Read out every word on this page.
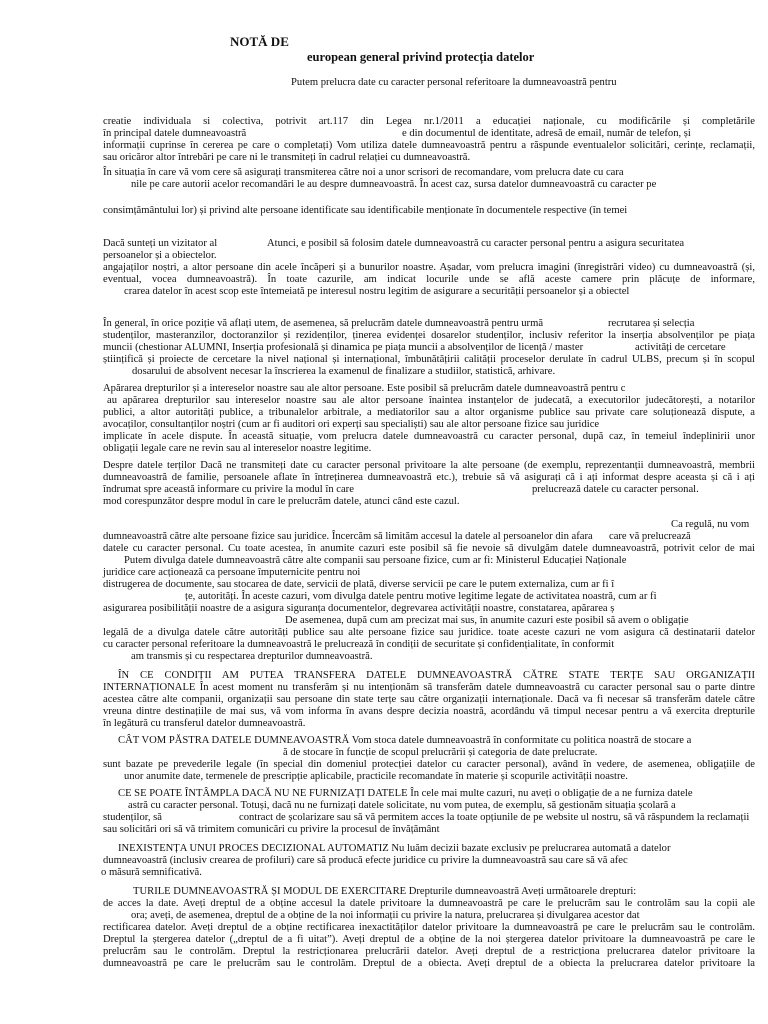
NOTĂ DE
european general privind protecția datelor
Putem prelucra date cu caracter personal referitoare la dumneavoastră pentru
creatie individuala si colectiva, potrivit art.117 din Legea nr.1/2011 a educației naționale, cu modificările și completările
în principal datele dumneavoastră	e din documentul de identitate, adresă de email, număr de telefon, și
informații cuprinse în cererea pe care o completați) Vom utiliza datele dumneavoastră pentru a răspunde eventualelor solicitări, cerințe, reclamații,
sau oricăror altor întrebări pe care ni le transmiteți în cadrul relației cu dumneavoastră.
În situația în care vă vom cere să asigurați transmiterea către noi a unor scrisori de recomandare, vom prelucra date cu cara
nile pe care autorii acelor recomandări le au despre dumneavoastră. În acest caz, sursa datelor dumneavoastră cu caracter pe
consimțământului lor) și privind alte persoane identificate sau identificabile menționate în documentele respective (în temei
Dacă sunteți un vizitator al	Atunci, e posibil să folosim datele dumneavoastră cu caracter personal pentru a asigura securitatea
persoanelor și a obiectelor.
angajaților noștri, a altor persoane din acele încăperi și a bunurilor noastre. Așadar, vom prelucra imagini (înregistrări video) cu dumneavoastră (și,
eventual, vocea dumneavoastră). În toate cazurile, am indicat locurile unde se află aceste camere prin plăcuțe de informare,
crarea datelor în acest scop este întemeiată pe interesul nostru legitim de asigurare a securității persoanelor și a obiectel
În general, în orice poziție vă aflați utem, de asemenea, să prelucrăm datele dumneavoastră pentru urmă	recrutarea și selecția
studenților, masteranzilor, doctoranzilor și rezidenților, ținerea evidenței dosarelor studenților, inclusiv referitor la inserția absolvenților pe piața
muncii (chestionar ALUMNI, Inserția profesională și dinamica pe piața muncii a absolvenților de licență / master	activități de cercetare
științifică și proiecte de cercetare la nivel național și internațional, îmbunătățirii calității proceselor derulate în cadrul ULBS, precum și în scopul
dosarului de absolvent necesar la înscrierea la examenul de finalizare a studiilor, statistică, arhivare.
Apărarea drepturilor și a intereselor noastre sau ale altor persoane. Este posibil să prelucrăm datele dumneavoastră pentru c
au apărarea drepturilor sau intereselor noastre sau ale altor persoane înaintea instanțelor de judecată, a executorilor judecătorești, a notarilor
publici, a altor autorități publice, a tribunalelor arbitrale, a mediatorilor sau a altor organisme publice sau private care soluționează dispute, a
avocaților, consultanților noștri (cum ar fi auditori ori experți sau specialiști) sau ale altor persoane fizice sau juridice
implicate în acele dispute. În această situație, vom prelucra datele dumneavoastră cu caracter personal, după caz, în temeiul îndeplinirii unor
obligații legale care ne revin sau al intereselor noastre legitime.
Despre datele terților Dacă ne transmiteți date cu caracter personal privitoare la alte persoane (de exemplu, reprezentanții dumneavoastră, membrii
dumneavoastră de familie, persoanele aflate în întreținerea dumneavoastră etc.), trebuie să vă asigurați că i ați informat despre aceasta și că i ați
îndrumat spre această informare cu privire la modul în care	prelucrează datele cu caracter personal.
mod corespunzător despre modul în care le prelucrăm datele, atunci când este cazul.
Ca regulă, nu vom
dumneavoastră către alte persoane fizice sau juridice. Încercăm să limităm accesul la datele al persoanelor din afara care vă prelucrează
datele cu caracter personal. Cu toate acestea, în anumite cazuri este posibil să fie nevoie să divulgăm datele dumneavoastră, potrivit celor de mai
Putem divulga datele dumneavoastră către alte companii sau persoane fizice, cum ar fi: Ministerul Educației Naționale
juridice care acționează ca persoane împuternicite pentru noi
distrugerea de documente, sau stocarea de date, servicii de plată, diverse servicii pe care le putem externaliza, cum ar fi î
țe, autorități. În aceste cazuri, vom divulga datele pentru motive legitime legate de activitatea noastră, cum ar fi
asigurarea posibilității noastre de a asigura siguranța documentelor, degrevarea activității noastre, constatarea, apărarea ș
De asemenea, după cum am precizat mai sus, în anumite cazuri este posibil să avem o obligație
legală de a divulga datele către autorități publice sau alte persoane fizice sau juridice. toate aceste cazuri ne vom asigura că destinatarii datelor
cu caracter personal referitoare la dumneavoastră le prelucrează în condiții de securitate și confidențialitate, în conformit
am transmis și cu respectarea drepturilor dumneavoastră.
ÎN CE CONDIȚII AM PUTEA TRANSFERA DATELE DUMNEAVOASTRĂ CĂTRE STATE TERȚE SAU ORGANIZAȚII
INTERNAȚIONALE În acest moment nu transferăm și nu intenționăm să transferăm datele dumneavoastră cu caracter personal sau o parte dintre
acestea către alte companii, organizații sau persoane din state terțe sau către organizații internaționale. Dacă va fi necesar să transferăm datele către
vreuna dintre destinațiile de mai sus, vă vom informa în avans despre decizia noastră, acordându vă timpul necesar pentru a vă exercita drepturile
în legătură cu transferul datelor dumneavoastră.
CÂT VOM PĂSTRA DATELE DUMNEAVOASTRĂ Vom stoca datele dumneavoastră în conformitate cu politica noastră de stocare a
ă de stocare în funcție de scopul prelucrării și categoria de date prelucrate.
sunt bazate pe prevederile legale (în special din domeniul protecției datelor cu caracter personal), având în vedere, de asemenea, obligațiile de
unor anumite date, termenele de prescripție aplicabile, practicile recomandate în materie și scopurile activității noastre.
CE SE POATE ÎNTÂMPLA DACĂ NU NE FURNIZAȚI DATELE În cele mai multe cazuri, nu aveți o obligație de a ne furniza datele
astră cu caracter personal. Totuși, dacă nu ne furnizați datele solicitate, nu vom putea, de exemplu, să gestionăm situația școlară a
studenților, să	contract de școlarizare sau să vă permitem acces la toate opțiunile de pe website ul nostru, să vă răspundem la reclamații
sau solicitări ori să vă trimitem comunicări cu privire la procesul de învățământ
INEXISTENȚA UNUI PROCES DECIZIONAL AUTOMATIZ Nu luăm decizii bazate exclusiv pe prelucrarea automată a datelor
dumneavoastră (inclusiv crearea de profiluri) care să producă efecte juridice cu privire la dumneavoastră sau care să vă afec
o măsură semnificativă.
TURILE DUMNEAVOASTRĂ ȘI MODUL DE EXERCITARE Drepturile dumneavoastră Aveți următoarele drepturi:
de acces la date. Aveți dreptul de a obține accesul la datele privitoare la dumneavoastră pe care le prelucrăm sau le controlăm sau la copii ale
ora; aveți, de asemenea, dreptul de a obține de la noi informații cu privire la natura, prelucrarea și divulgarea acestor dat
rectificarea datelor. Aveți dreptul de a obține rectificarea inexactităților datelor privitoare la dumneavoastră pe care le prelucrăm sau le controlăm.
Dreptul la ștergerea datelor („dreptul de a fi uitat”). Aveți dreptul de a obține de la noi ștergerea datelor privitoare la dumneavoastră pe care le
prelucrăm sau le controlăm. Dreptul la restricționarea prelucrării datelor. Aveți dreptul de a restricționa prelucrarea datelor privitoare la
dumneavoastră pe care le prelucrăm sau le controlăm. Dreptul de a obiecta. Aveți dreptul de a obiecta la prelucrarea datelor privitoare la
